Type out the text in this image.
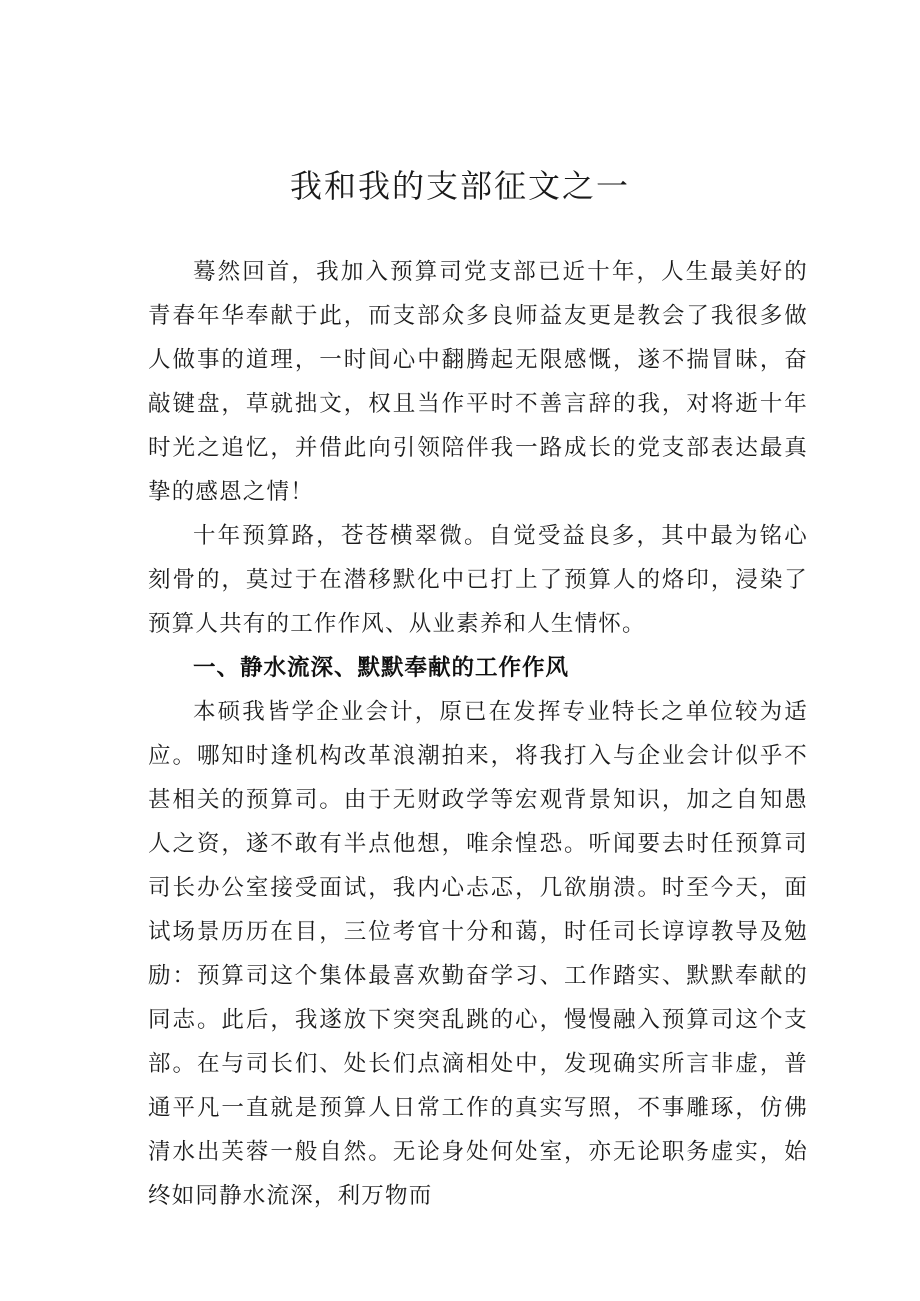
我和我的支部征文之一

蓦然回首，我加入预算司党支部已近十年，人生最美好的青春年华奉献于此，而支部众多良师益友更是教会了我很多做人做事的道理，一时间心中翻腾起无限感慨，遂不揣冒昧，奋敲键盘，草就拙文，权且当作平时不善言辞的我，对将逝十年时光之追忆，并借此向引领陪伴我一路成长的党支部表达最真挚的感恩之情！

十年预算路，苍苍横翠微。自觉受益良多，其中最为铭心刻骨的，莫过于在潜移默化中已打上了预算人的烙印，浸染了预算人共有的工作作风、从业素养和人生情怀。

一、静水流深、默默奉献的工作作风

本硕我皆学企业会计，原已在发挥专业特长之单位较为适应。哪知时逢机构改革浪潮拍来，将我打入与企业会计似乎不甚相关的预算司。由于无财政学等宏观背景知识，加之自知愚人之资，遂不敢有半点他想，唯余惶恐。听闻要去时任预算司司长办公室接受面试，我内心忐忑，几欲崩溃。时至今天，面试场景历历在目，三位考官十分和蔼，时任司长谆谆教导及勉励：预算司这个集体最喜欢勤奋学习、工作踏实、默默奉献的同志。此后，我遂放下突突乱跳的心，慢慢融入预算司这个支部。在与司长们、处长们点滴相处中，发现确实所言非虚，普通平凡一直就是预算人日常工作的真实写照，不事雕琢，仿佛清水出芙蓉一般自然。无论身处何处室，亦无论职务虚实，始终如同静水流深，利万物而
